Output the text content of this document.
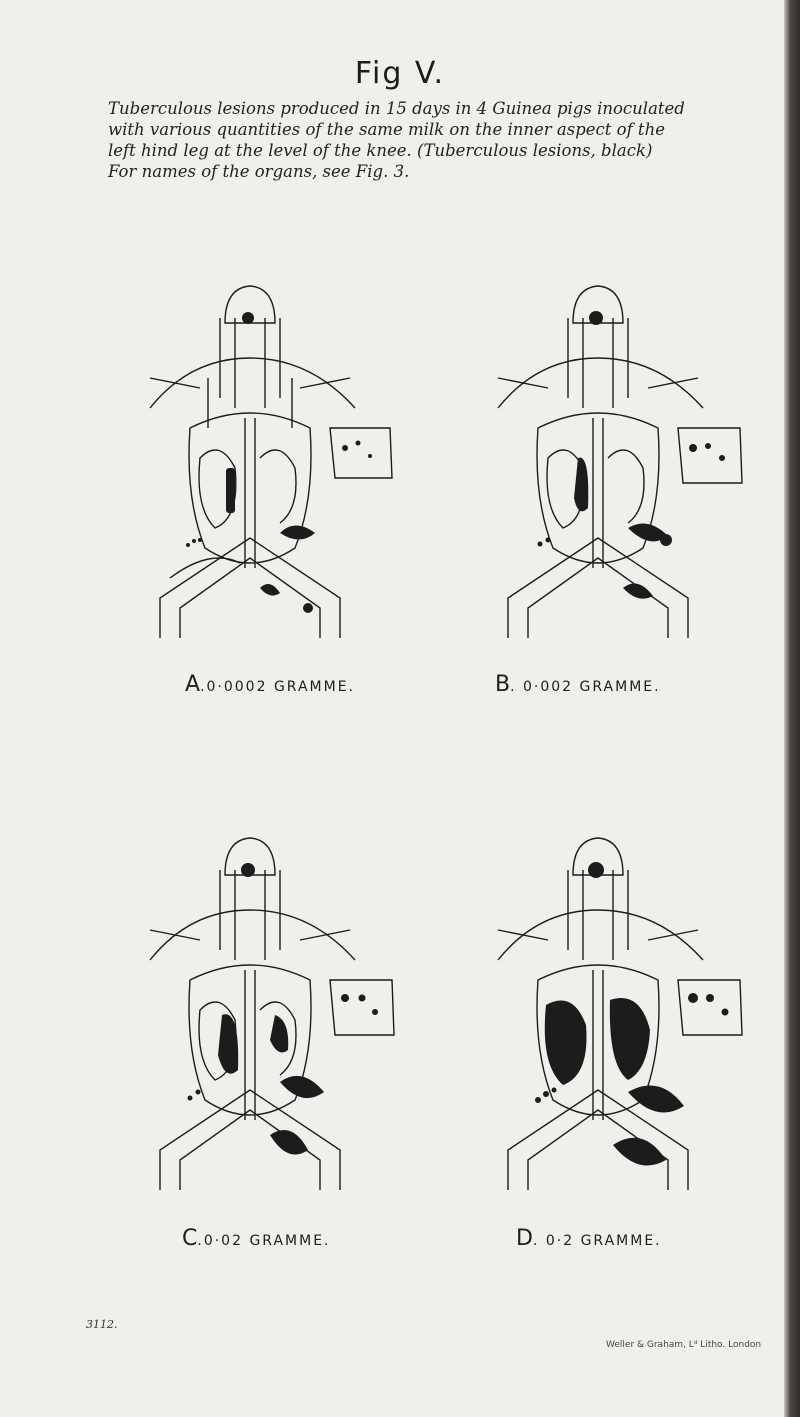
Fig V.

Tuberculous lesions produced in 15 days in 4 Guinea pigs inoculated

with various quantities of the same milk on the inner aspect of the

left hind leg at the level of the knee. (Tuberculous lesions, black)

For names of the organs, see Fig. 3.

A.0·0002 GRAMME.	B. 0·002 GRAMME.
C.0·02 GRAMME.	D. 0·2 GRAMME.
3112.
Weller & Graham, Lᵈ Litho. London
